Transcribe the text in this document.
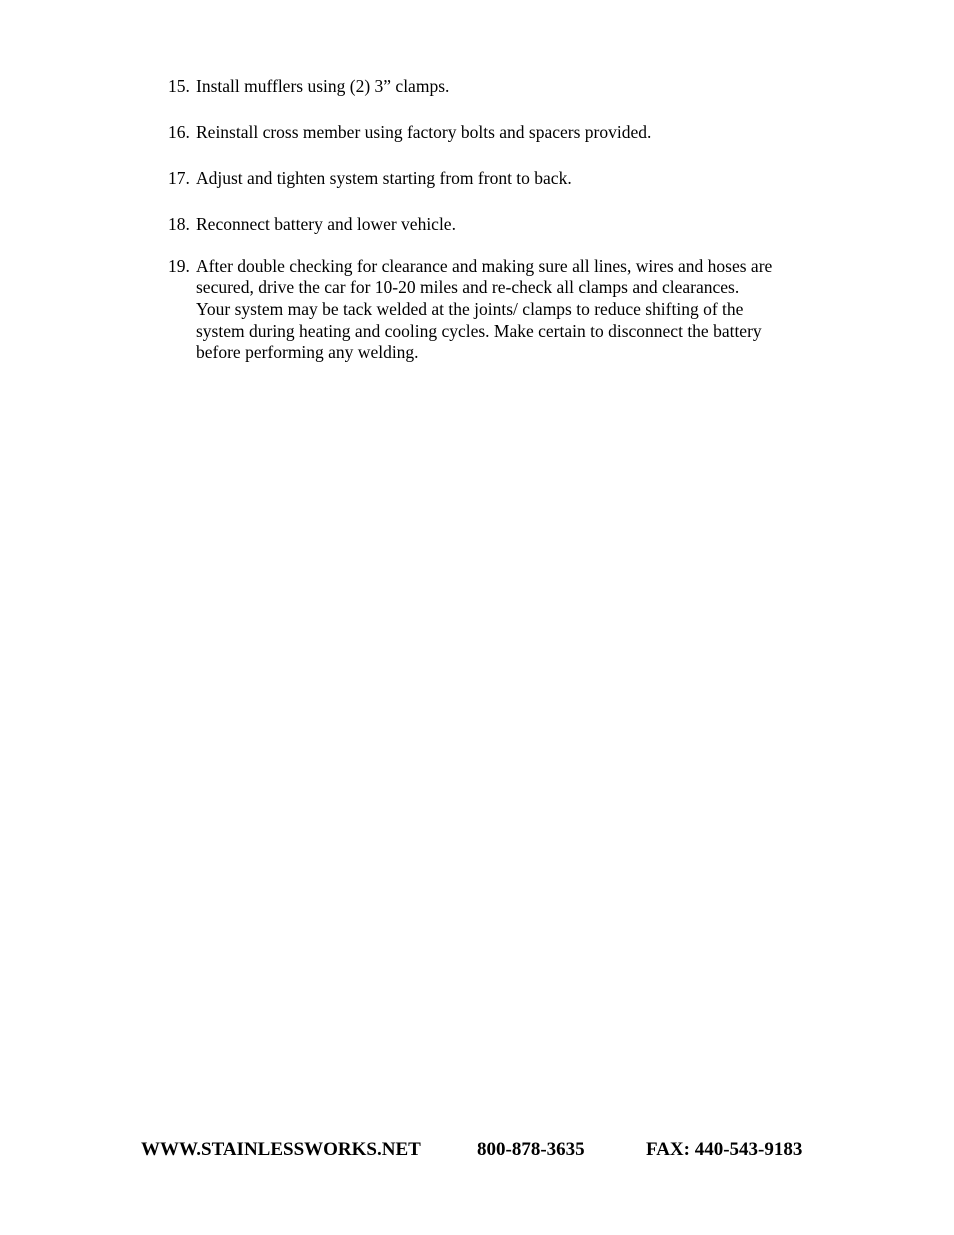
15. Install mufflers using (2) 3” clamps.
16. Reinstall cross member using factory bolts and spacers provided.
17. Adjust and tighten system starting from front to back.
18. Reconnect battery and lower vehicle.
19. After double checking for clearance and making sure all lines, wires and hoses are
secured, drive the car for 10-20 miles and re-check all clamps and clearances.
Your system may be tack welded at the joints/ clamps to reduce shifting of the
system during heating and cooling cycles. Make certain to disconnect the battery
before performing any welding.
WWW.STAINLESSWORKS.NET	800-878-3635	FAX: 440-543-9183
